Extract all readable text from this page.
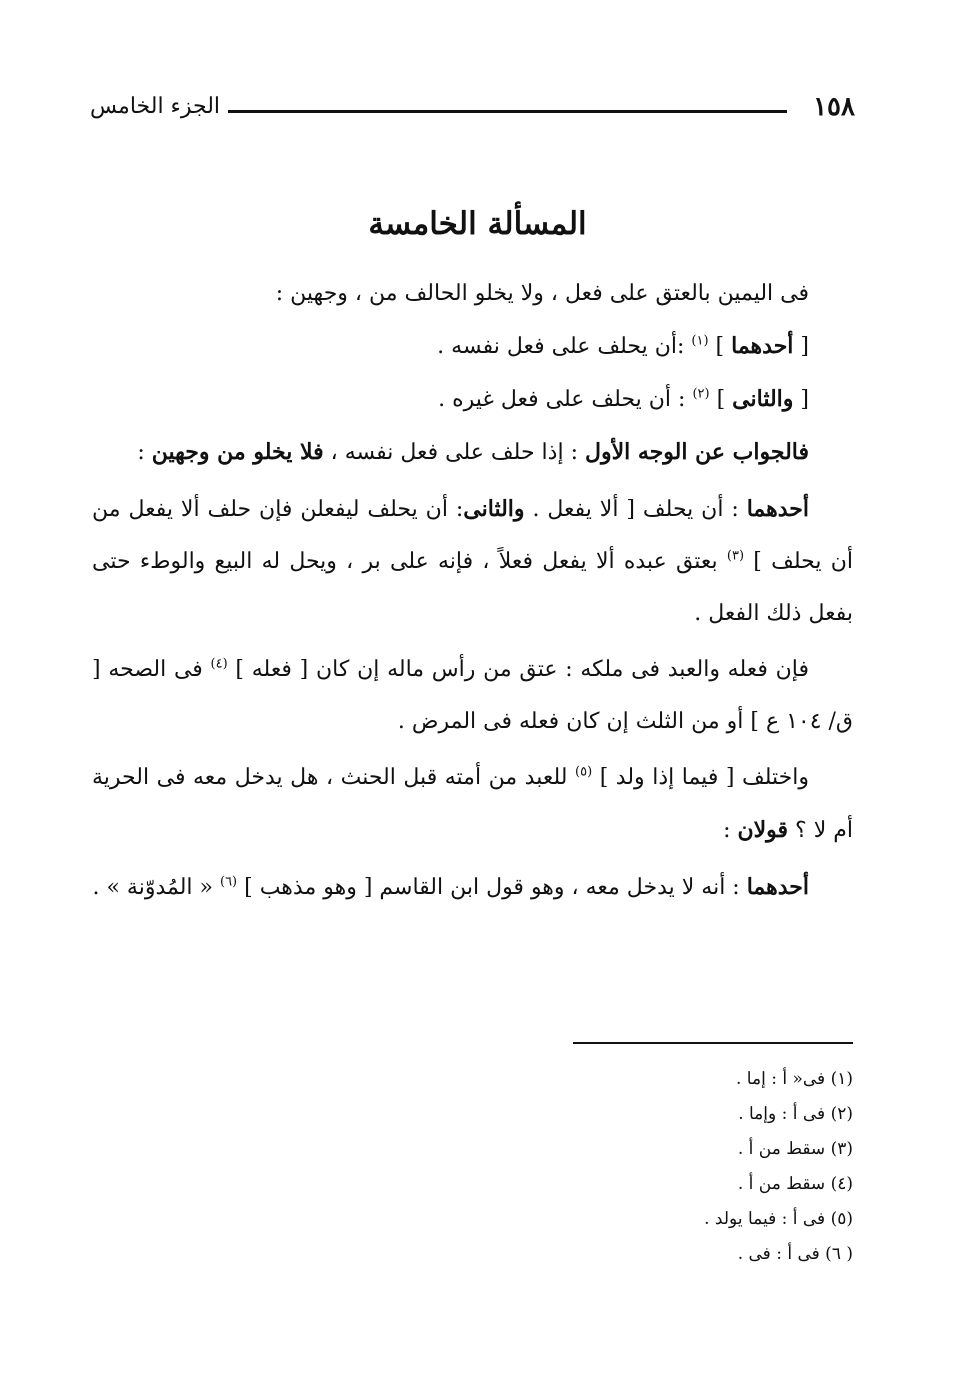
١٥٨
الجزء الخامس
المسألة الخامسة

فى اليمين بالعتق على فعل ، ولا يخلو الحالف من ، وجهين :

[ أحدهما ] $^{(١)}$ :أن يحلف على فعل نفسه .

[ والثانى ] $^{(٢)}$ : أن يحلف على فعل غيره .

فالجواب عن الوجه الأول : إذا حلف على فعل نفسه ، فلا يخلو من وجهين :

أحدهما : أن يحلف [ ألا يفعل . والثانى: أن يحلف ليفعلن فإن حلف ألا يفعل من أن يحلف ] $^{(٣)}$ بعتق عبده ألا يفعل فعلاً ، فإنه على بر ، ويحل له البيع والوطء حتى بفعل ذلك الفعل .

فإن فعله والعبد فى ملكه : عتق من رأس ماله إن كان [ فعله ] $^{(٤)}$ فى الصحه [ ق/ ١٠٤ ع ] أو من الثلث إن كان فعله فى المرض .

واختلف [ فيما إذا ولد ] $^{(٥)}$ للعبد من أمته قبل الحنث ، هل يدخل معه فى الحرية أم لا ؟ قولان :

أحدهما : أنه لا يدخل معه ، وهو قول ابن القاسم [ وهو مذهب ] $^{(٦)}$ « المُدوّنة » .

(١) فى« أ : إما .

(٢) فى أ : وإما .

(٣) سقط من أ .

(٤) سقط من أ .

(٥) فى أ : فيما يولد .

( ٦) فى أ : فى .
